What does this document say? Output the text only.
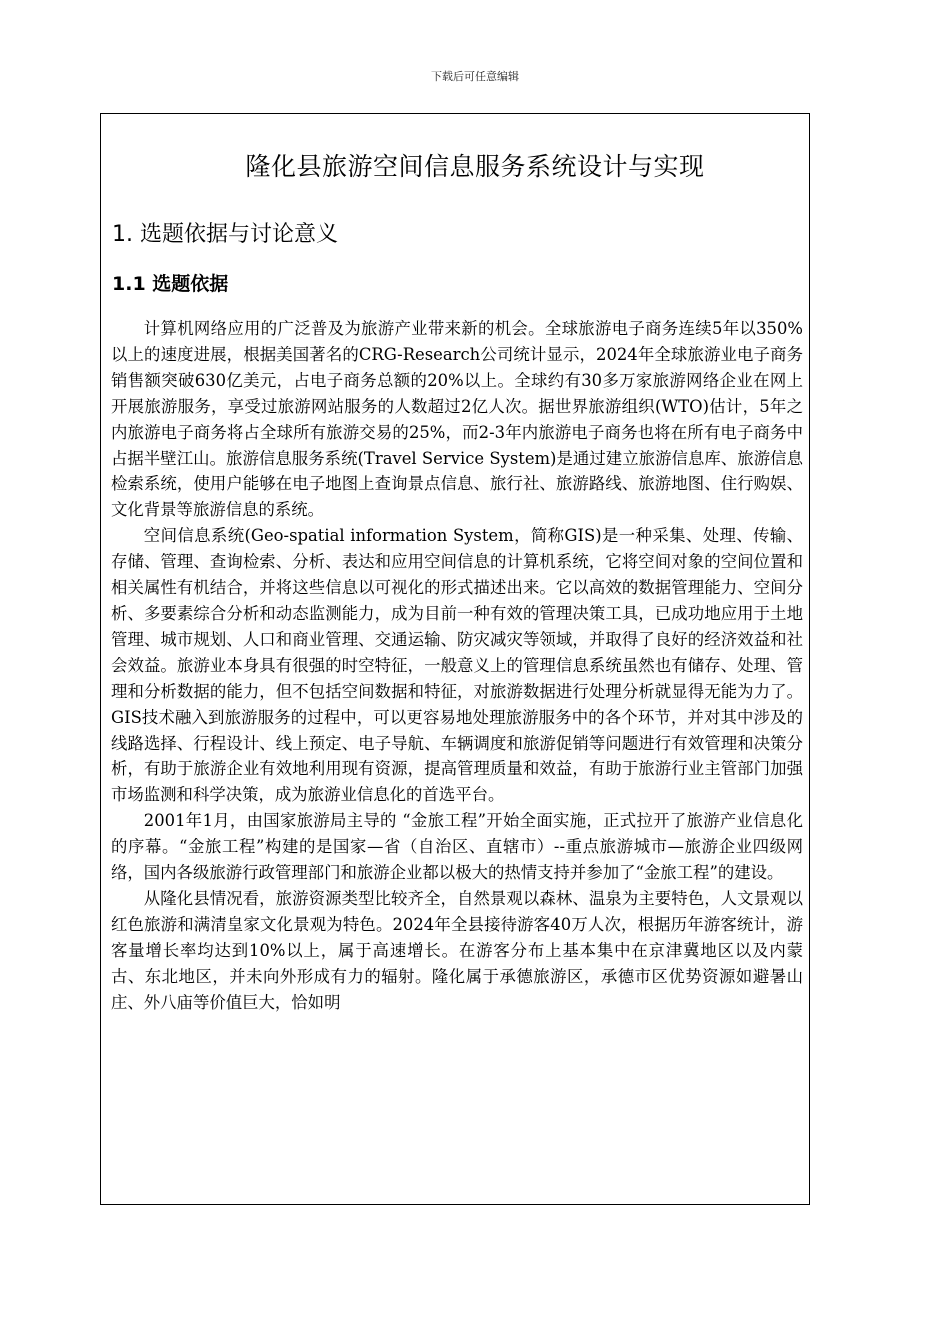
下载后可任意编辑
隆化县旅游空间信息服务系统设计与实现
1. 选题依据与讨论意义
1.1 选题依据

计算机网络应用的广泛普及为旅游产业带来新的机会。全球旅游电子商务连续5年以350%以上的速度进展，根据美国著名的CRG-Research公司统计显示，2024年全球旅游业电子商务销售额突破630亿美元，占电子商务总额的20%以上。全球约有30多万家旅游网络企业在网上开展旅游服务，享受过旅游网站服务的人数超过2亿人次。据世界旅游组织(WTO)估计，5年之内旅游电子商务将占全球所有旅游交易的25%，而2-3年内旅游电子商务也将在所有电子商务中占据半壁江山。旅游信息服务系统(Travel Service System)是通过建立旅游信息库、旅游信息检索系统，使用户能够在电子地图上查询景点信息、旅行社、旅游路线、旅游地图、住行购娱、文化背景等旅游信息的系统。

空间信息系统(Geo-spatial information System，简称GIS)是一种采集、处理、传输、存储、管理、查询检索、分析、表达和应用空间信息的计算机系统，它将空间对象的空间位置和相关属性有机结合，并将这些信息以可视化的形式描述出来。它以高效的数据管理能力、空间分析、多要素综合分析和动态监测能力，成为目前一种有效的管理决策工具，已成功地应用于土地管理、城市规划、人口和商业管理、交通运输、防灾减灾等领域，并取得了良好的经济效益和社会效益。旅游业本身具有很强的时空特征，一般意义上的管理信息系统虽然也有储存、处理、管理和分析数据的能力，但不包括空间数据和特征，对旅游数据进行处理分析就显得无能为力了。GIS技术融入到旅游服务的过程中，可以更容易地处理旅游服务中的各个环节，并对其中涉及的线路选择、行程设计、线上预定、电子导航、车辆调度和旅游促销等问题进行有效管理和决策分析，有助于旅游企业有效地利用现有资源，提高管理质量和效益，有助于旅游行业主管部门加强市场监测和科学决策，成为旅游业信息化的首选平台。

2001年1月，由国家旅游局主导的 “金旅工程”开始全面实施，正式拉开了旅游产业信息化的序幕。“金旅工程”构建的是国家—省（自治区、直辖市）--重点旅游城市—旅游企业四级网络，国内各级旅游行政管理部门和旅游企业都以极大的热情支持并参加了“金旅工程”的建设。

从隆化县情况看，旅游资源类型比较齐全，自然景观以森林、温泉为主要特色，人文景观以红色旅游和满清皇家文化景观为特色。2024年全县接待游客40万人次，根据历年游客统计，游客量增长率均达到10%以上，属于高速增长。在游客分布上基本集中在京津冀地区以及内蒙古、东北地区，并未向外形成有力的辐射。隆化属于承德旅游区，承德市区优势资源如避暑山庄、外八庙等价值巨大，恰如明
